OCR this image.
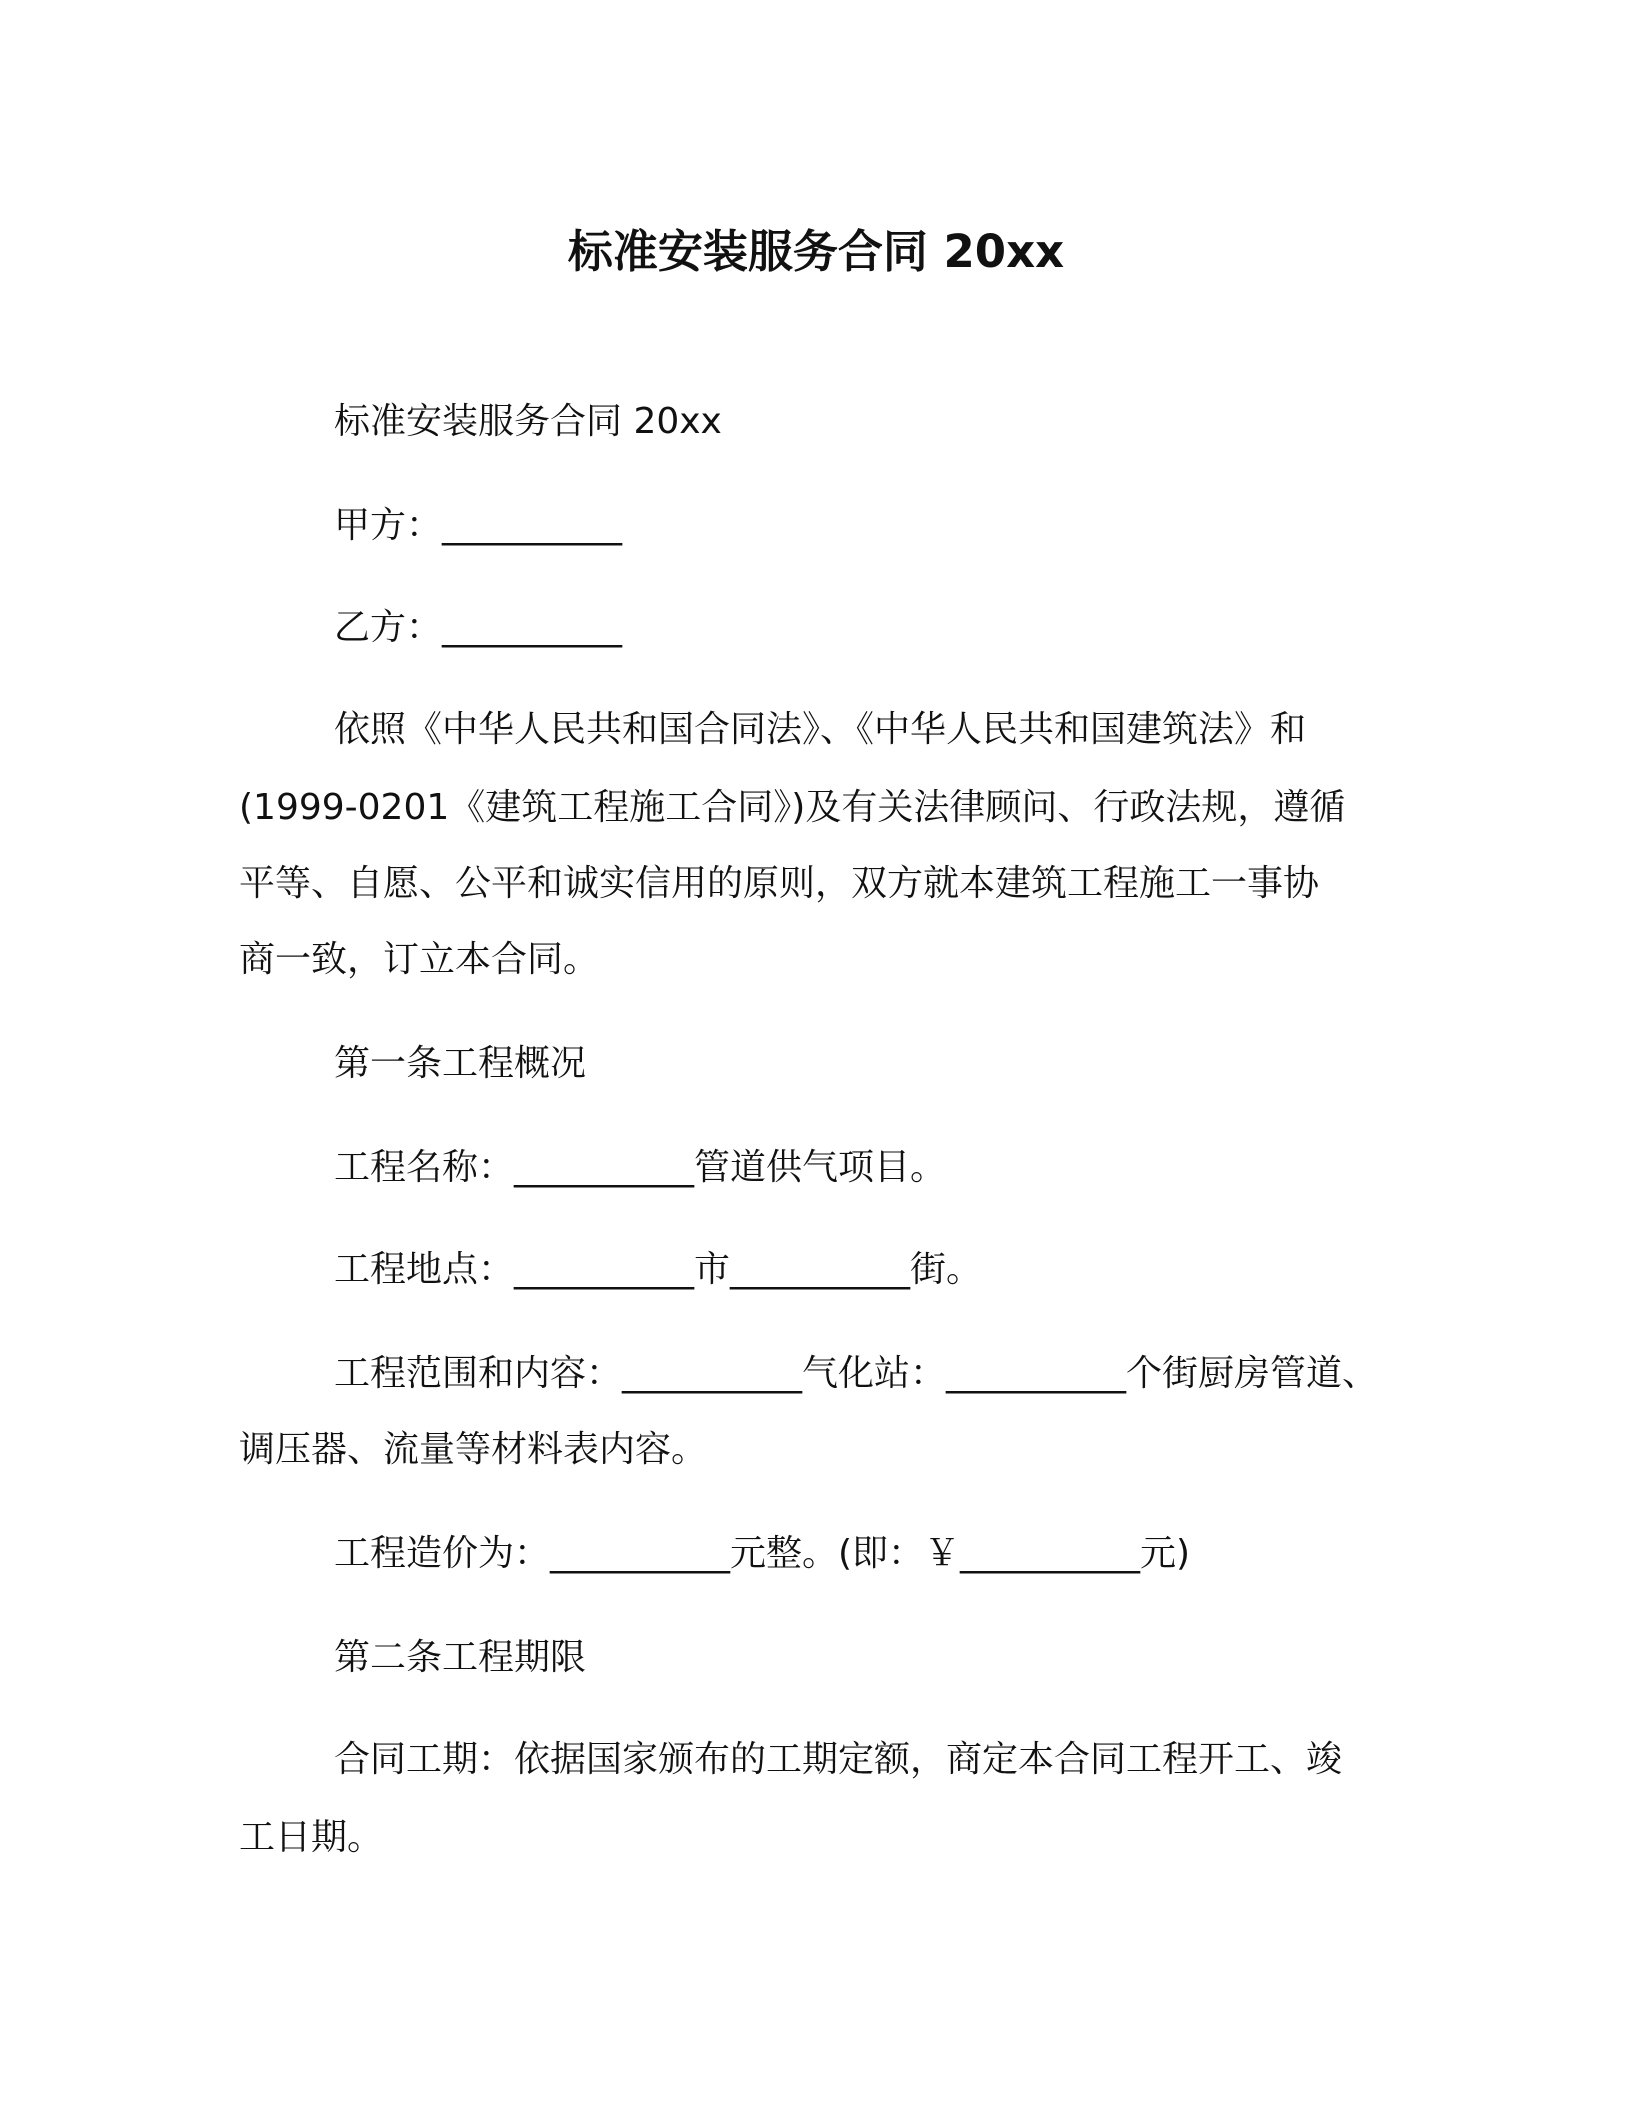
标准安装服务合同 20xx
标准安装服务合同 20xx
甲方：__________
乙方：__________
依照《中华人民共和国合同法》、《中华人民共和国建筑法》和
(1999-0201《建筑工程施工合同》)及有关法律顾问、行政法规，遵循
平等、自愿、公平和诚实信用的原则，双方就本建筑工程施工一事协
商一致，订立本合同。
第一条工程概况
工程名称：__________管道供气项目。
工程地点：__________市__________街。
工程范围和内容：__________气化站：__________个街厨房管道、
调压器、流量等材料表内容。
工程造价为：__________元整。(即：￥__________元)
第二条工程期限
合同工期：依据国家颁布的工期定额，商定本合同工程开工、竣
工日期。
